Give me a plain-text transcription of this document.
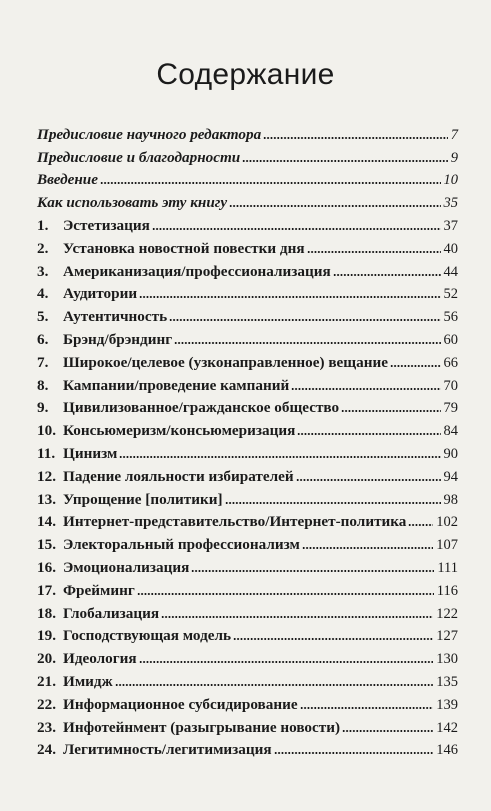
Содержание
Предисловие научного редактора	7
Предисловие и благодарности	9
Введение	10
Как использовать эту книгу	35
1. Эстетизация	37
2. Установка новостной повестки дня	40
3. Американизация/профессионализация	44
4. Аудитории	52
5. Аутентичность	56
6. Брэнд/брэндинг	60
7. Широкое/целевое (узконаправленное) вещание	66
8. Кампании/проведение кампаний	70
9. Цивилизованное/гражданское общество	79
10. Консьюмеризм/консьюмеризация	84
11. Цинизм	90
12. Падение лояльности избирателей	94
13. Упрощение [политики]	98
14. Интернет-представительство/Интернет-политика 102
15. Электоральный профессионализм	107
16. Эмоционализация	111
17. Фрейминг	116
18. Глобализация	122
19. Господствующая модель	127
20. Идеология	130
21. Имидж	135
22. Информационное субсидирование	139
23. Инфотейнмент (разыгрывание новости)	142
24. Легитимность/легитимизация	146
